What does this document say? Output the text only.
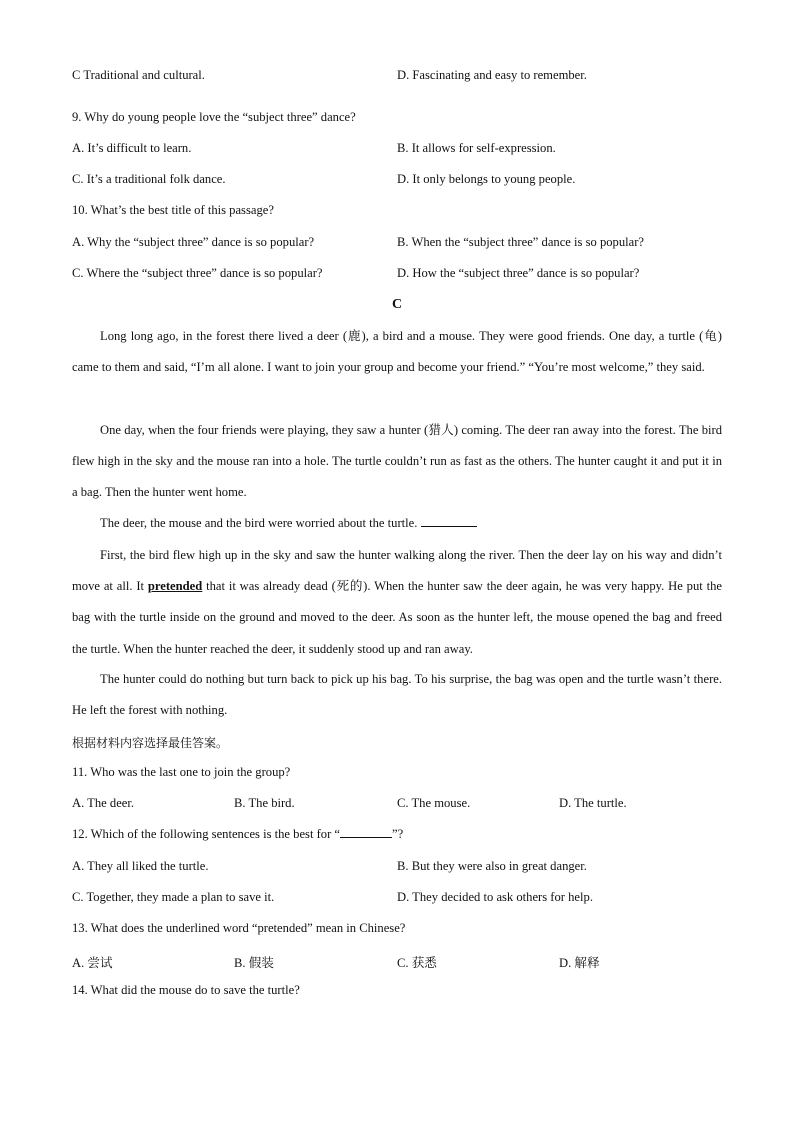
C Traditional and cultural.	D. Fascinating and easy to remember.
9. Why do young people love the “subject three” dance?
A. It’s difficult to learn.	B. It allows for self-expression.
C. It’s a traditional folk dance.	D. It only belongs to young people.
10. What’s the best title of this passage?
A. Why the “subject three” dance is so popular?	B. When the “subject three” dance is so popular?
C. Where the “subject three” dance is so popular?	D. How the “subject three” dance is so popular?
C
Long long ago, in the forest there lived a deer (鹿), a bird and a mouse. They were good friends. One day, a turtle (龟) came to them and said, “I’m all alone. I want to join your group and become your friend.” “You’re most welcome,” they said.
One day, when the four friends were playing, they saw a hunter (猎人) coming. The deer ran away into the forest. The bird flew high in the sky and the mouse ran into a hole. The turtle couldn’t run as fast as the others. The hunter caught it and put it in a bag. Then the hunter went home.
The deer, the mouse and the bird were worried about the turtle.
First, the bird flew high up in the sky and saw the hunter walking along the river. Then the deer lay on his way and didn’t move at all. It pretended that it was already dead (死的). When the hunter saw the deer again, he was very happy. He put the bag with the turtle inside on the ground and moved to the deer. As soon as the hunter left, the mouse opened the bag and freed the turtle. When the hunter reached the deer, it suddenly stood up and ran away.
The hunter could do nothing but turn back to pick up his bag. To his surprise, the bag was open and the turtle wasn’t there. He left the forest with nothing.
根据材料内容选择最佳答案。
11. Who was the last one to join the group?
A. The deer.	B. The bird.	C. The mouse.	D. The turtle.
12. Which of the following sentences is the best for “	”?
A. They all liked the turtle.	B. But they were also in great danger.
C. Together, they made a plan to save it.	D. They decided to ask others for help.
13. What does the underlined word “pretended” mean in Chinese?
A. 尝试	B. 假装	C. 获悉	D. 解释
14. What did the mouse do to save the turtle?
